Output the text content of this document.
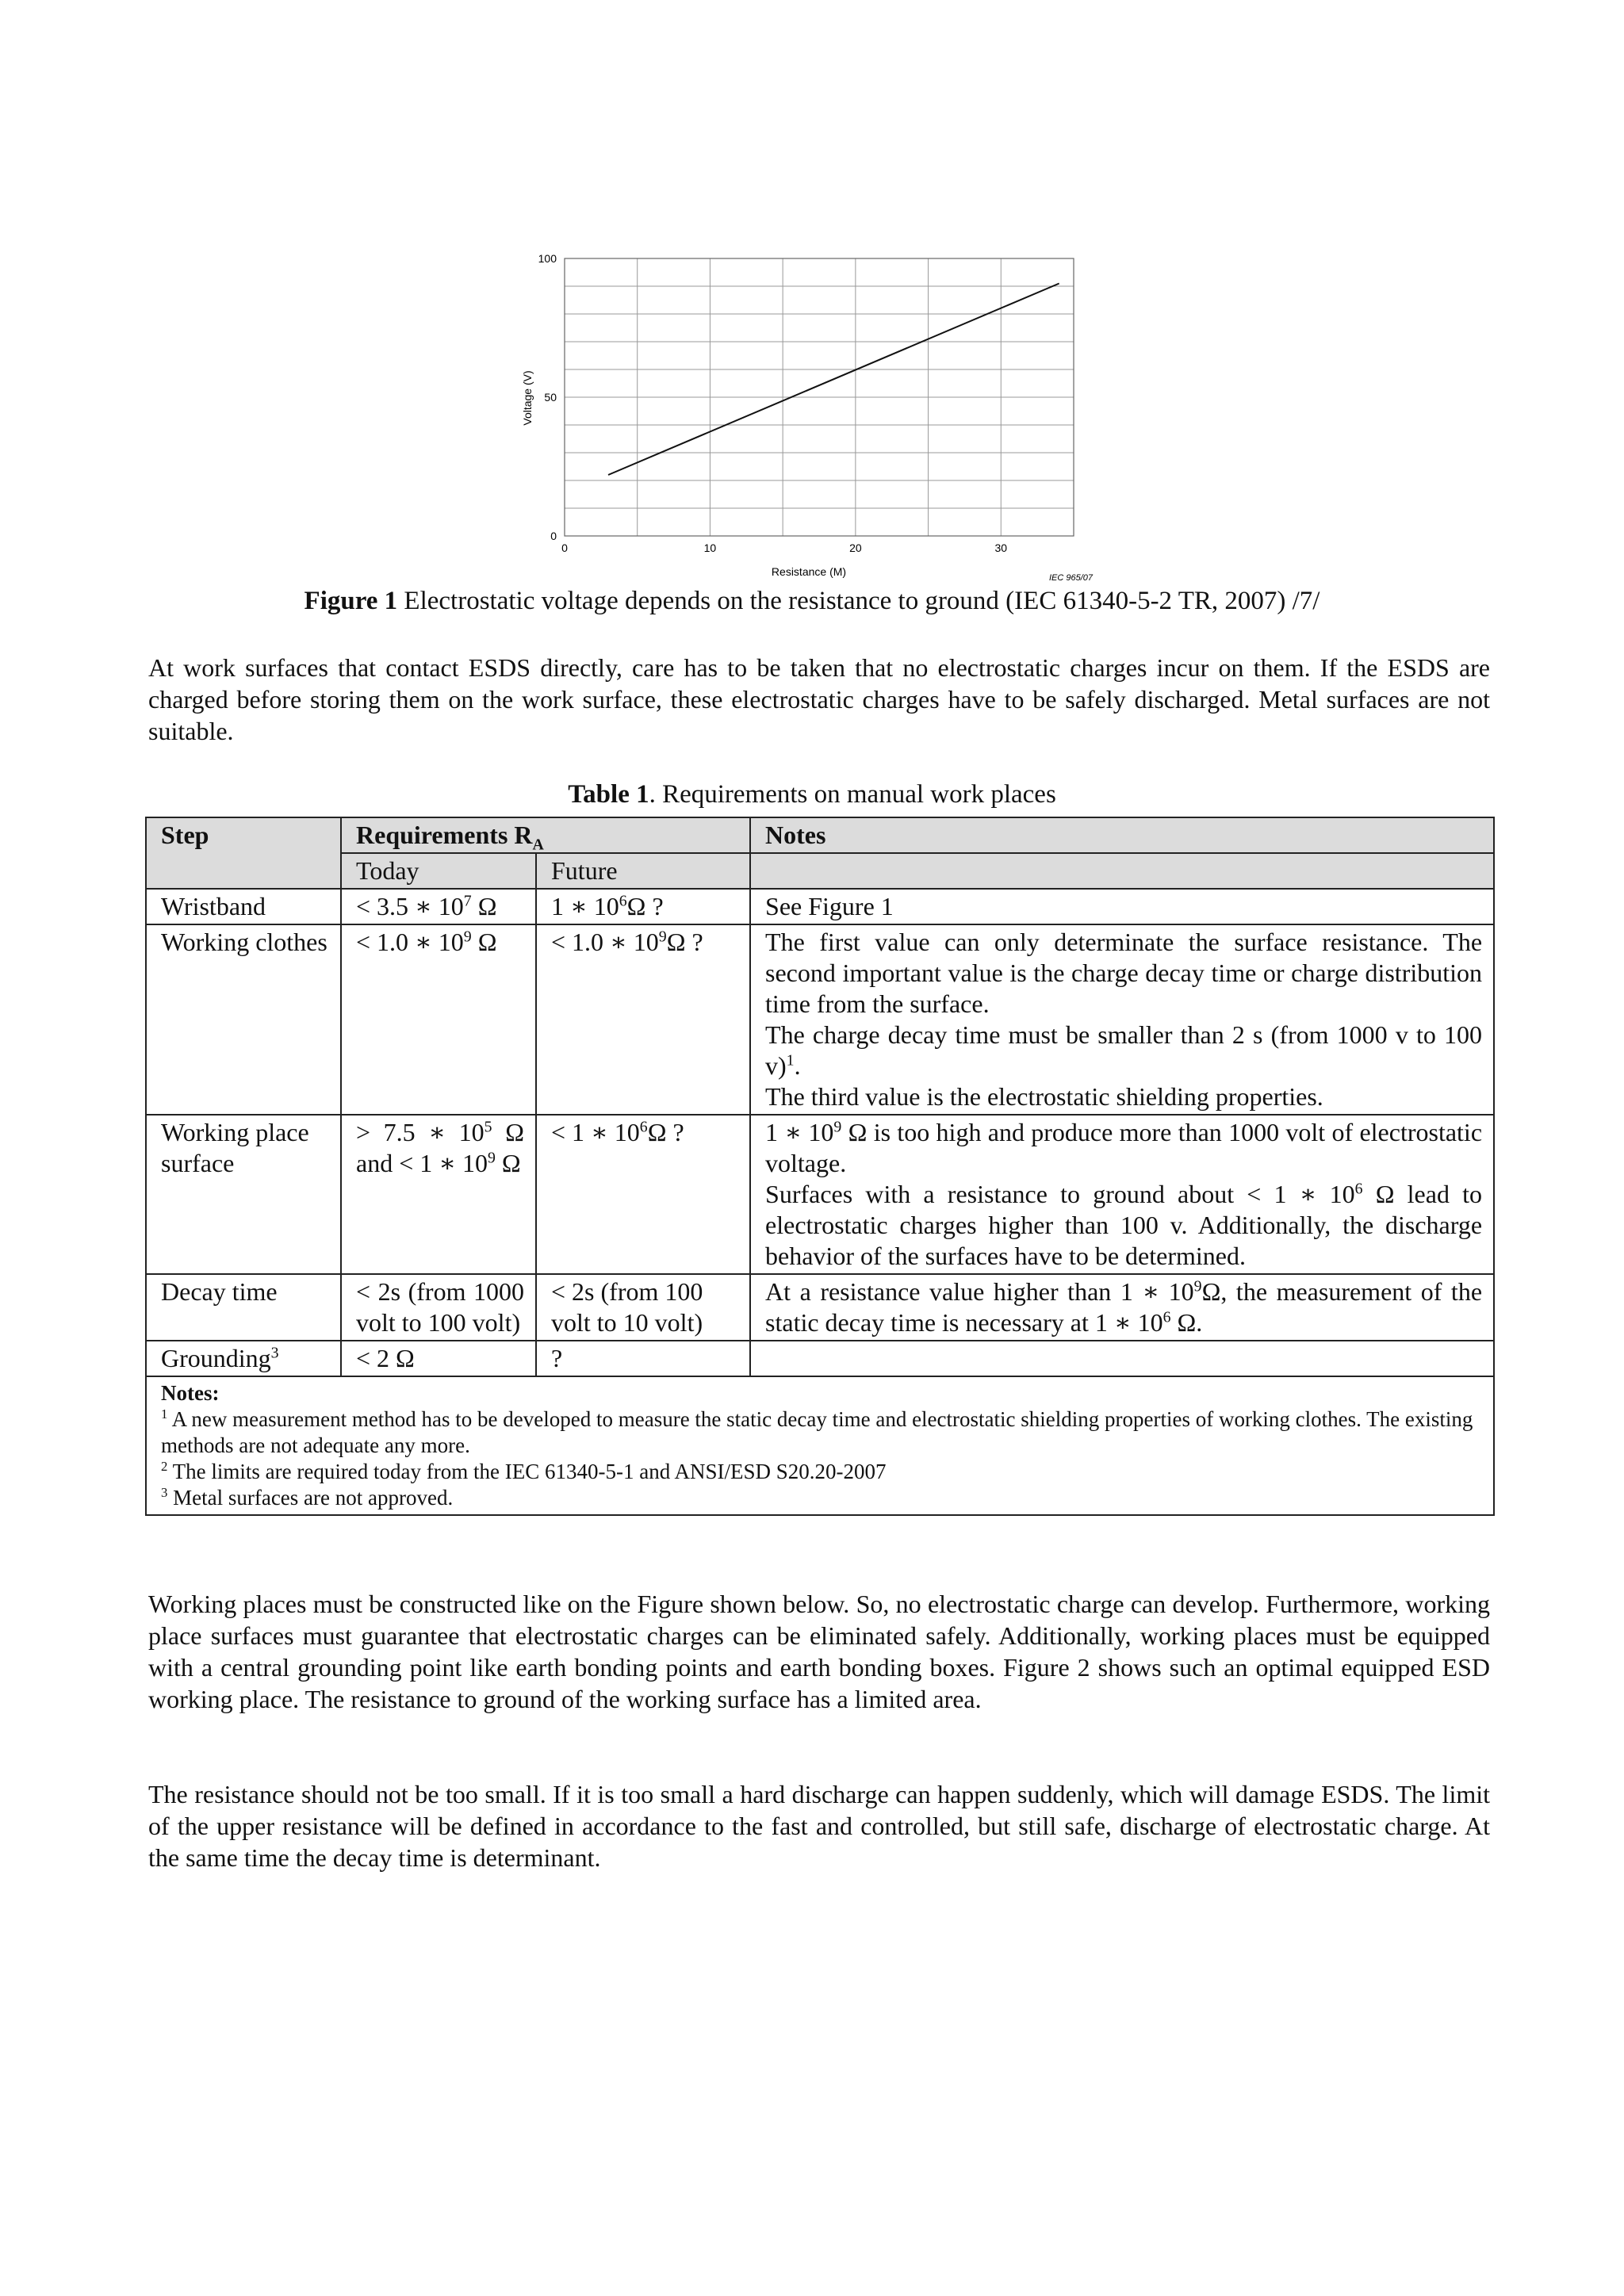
0	10	20	30
0
50
100
Resistance (M)
Voltage (V)
IEC 965/07
Figure 1 Electrostatic voltage depends on the resistance to ground (IEC 61340-5-2 TR, 2007) /7/
At work surfaces that contact ESDS directly, care has to be taken that no electrostatic charges incur on them. If the ESDS are charged before storing them on the work surface, these electrostatic charges have to be safely discharged. Metal surfaces are not suitable.
Table 1. Requirements on manual work places
Step	Requirements $R_A$		Notes
	Today	Future	
Wristband	< 3.5 ∗ $10^7$ Ω	1 ∗ $10^6\Omega$ ?	See Figure 1
Working clothes	< 1.0 ∗ $10^9$ Ω	< 1.0 ∗ $10^9\Omega$ ?	The first value can only determinate the surface resistance. The second important value is the charge decay time or charge distribution time from the surface.
The charge decay time must be smaller than 2 s (from 1000 v to 100 v)$^1$.
The third value is the electrostatic shielding properties.

Working place surface	> 7.5 ∗ $10^5$ Ω and < 1 ∗ $10^9$ Ω	< 1 ∗ $10^6\Omega$ ?	1 ∗ $10^9$ Ω is too high and produce more than 1000 volt of electrostatic voltage.
Surfaces with a resistance to ground about < 1 ∗ $10^6$ Ω lead to electrostatic charges higher than 100 v. Additionally, the discharge behavior of the surfaces have to be determined.

Decay time	< 2s (from 1000 volt to 100 volt)	< 2s (from 100 volt to 10 volt)	At a resistance value higher than 1 ∗ $10^9\Omega$, the measurement of the static decay time is necessary at 1 ∗ $10^6$ Ω.
Grounding$^3$	< 2 Ω	?	

Notes:
$^1$ A new measurement method has to be developed to measure the static decay time and electrostatic shielding properties of working clothes. The existing methods are not adequate any more.
$^2$ The limits are required today from the IEC 61340-5-1 and ANSI/ESD S20.20-2007
$^3$ Metal surfaces are not approved.			
Working places must be constructed like on the Figure shown below. So, no electrostatic charge can develop. Furthermore, working place surfaces must guarantee that electrostatic charges can be eliminated safely. Additionally, working places must be equipped with a central grounding point like earth bonding points and earth bonding boxes. Figure 2 shows such an optimal equipped ESD working place. The resistance to ground of the working surface has a limited area.
The resistance should not be too small. If it is too small a hard discharge can happen suddenly, which will damage ESDS. The limit of the upper resistance will be defined in accordance to the fast and controlled, but still safe, discharge of electrostatic charge. At the same time the decay time is determinant.
